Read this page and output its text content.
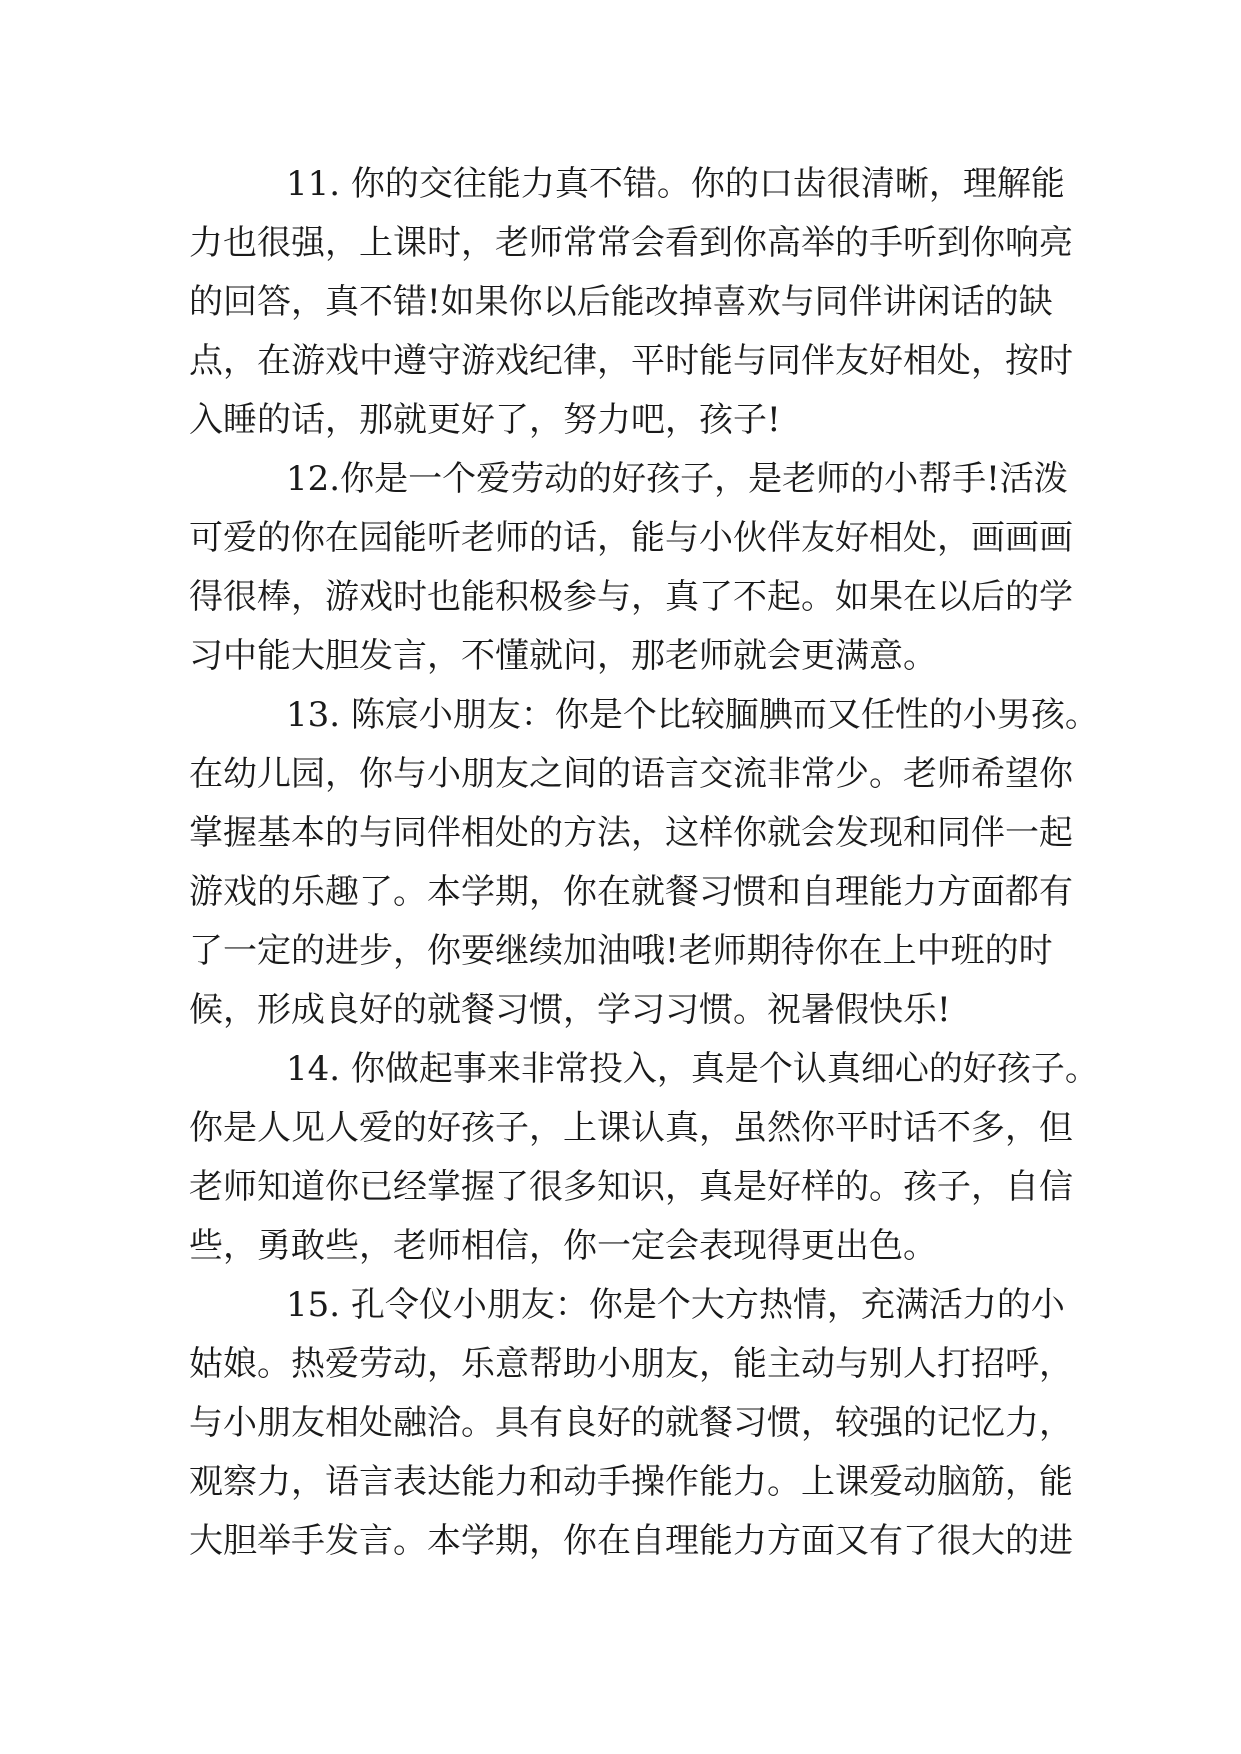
11. 你的交往能力真不错。你的口齿很清晰，理解能
力也很强，上课时，老师常常会看到你高举的手听到你响亮
的回答，真不错!如果你以后能改掉喜欢与同伴讲闲话的缺
点，在游戏中遵守游戏纪律，平时能与同伴友好相处，按时
入睡的话，那就更好了，努力吧，孩子!
12.你是一个爱劳动的好孩子，是老师的小帮手!活泼
可爱的你在园能听老师的话，能与小伙伴友好相处，画画画
得很棒，游戏时也能积极参与，真了不起。如果在以后的学
习中能大胆发言，不懂就问，那老师就会更满意。
13. 陈宸小朋友：你是个比较腼腆而又任性的小男孩。
在幼儿园，你与小朋友之间的语言交流非常少。老师希望你
掌握基本的与同伴相处的方法，这样你就会发现和同伴一起
游戏的乐趣了。本学期，你在就餐习惯和自理能力方面都有
了一定的进步，你要继续加油哦!老师期待你在上中班的时
候，形成良好的就餐习惯，学习习惯。祝暑假快乐!
14. 你做起事来非常投入，真是个认真细心的好孩子。
你是人见人爱的好孩子，上课认真，虽然你平时话不多，但
老师知道你已经掌握了很多知识，真是好样的。孩子，自信
些，勇敢些，老师相信，你一定会表现得更出色。
15. 孔令仪小朋友：你是个大方热情，充满活力的小
姑娘。热爱劳动，乐意帮助小朋友，能主动与别人打招呼，
与小朋友相处融洽。具有良好的就餐习惯，较强的记忆力，
观察力，语言表达能力和动手操作能力。上课爱动脑筋，能
大胆举手发言。本学期，你在自理能力方面又有了很大的进
